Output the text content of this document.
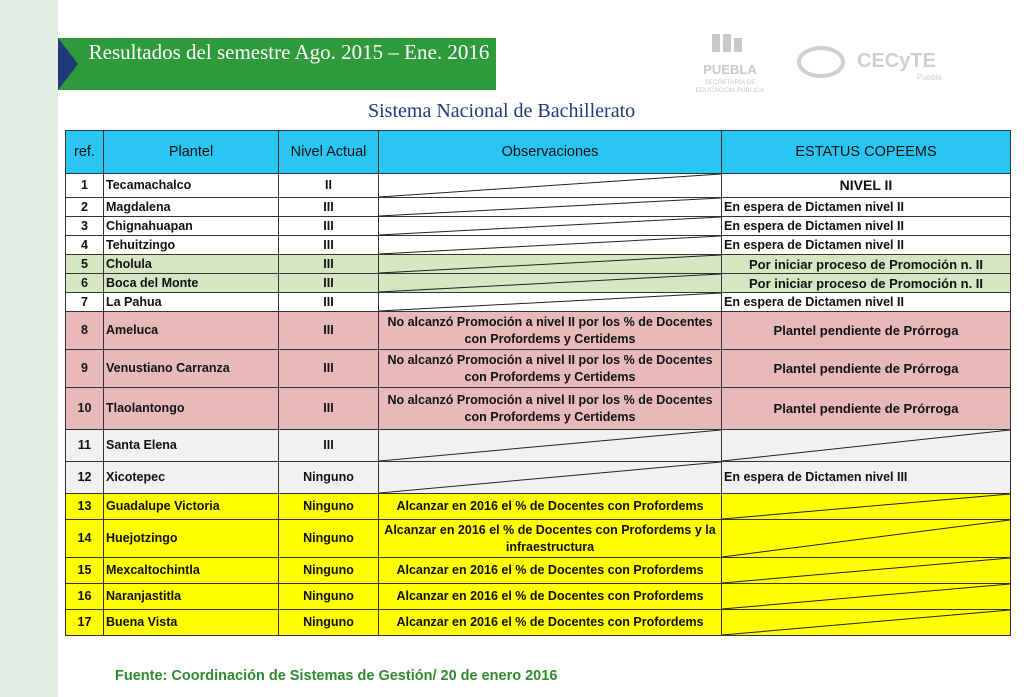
Resultados del semestre Ago. 2015 – Ene. 2016
PUEBLA
SECRETARÍA DE
EDUCACIÓN PÚBLICA
CECyTE
Puebla
Sistema Nacional de Bachillerato
ref.	Plantel	Nivel Actual	Observaciones	ESTATUS COPEEMS
1	Tecamachalco	II		NIVEL II
2	Magdalena	III		En espera de Dictamen nivel II
3	Chignahuapan	III		En espera de Dictamen nivel II
4	Tehuitzingo	III		En espera de Dictamen nivel II
5	Cholula	III		Por iniciar proceso de Promoción n. II
6	Boca del Monte	III		Por iniciar proceso de Promoción n. II
7	La Pahua	III		En espera de Dictamen nivel II
8	Ameluca	III	No alcanzó Promoción a nivel II por los % de Docentes con Profordems y Certidems	Plantel pendiente de Prórroga
9	Venustiano Carranza	III	No alcanzó Promoción a nivel II por los % de Docentes con Profordems y Certidems	Plantel pendiente de Prórroga
10	Tlaolantongo	III	No alcanzó Promoción a nivel II por los % de Docentes con Profordems y Certidems	Plantel pendiente de Prórroga
11	Santa Elena	III	

12	Xicotepec	Ninguno		En espera de Dictamen nivel III
13	Guadalupe Victoria	Ninguno	Alcanzar en 2016 el % de Docentes con Profordems	

14	Huejotzingo	Ninguno	Alcanzar en 2016 el % de Docentes con Profordems y la infraestructura	

15	Mexcaltochintla	Ninguno	Alcanzar en 2016 el % de Docentes con Profordems	

16	Naranjastitla	Ninguno	Alcanzar en 2016 el % de Docentes con Profordems	

17	Buena Vista	Ninguno	Alcanzar en 2016 el % de Docentes con Profordems	
Fuente: Coordinación de Sistemas de Gestión/ 20 de enero 2016
